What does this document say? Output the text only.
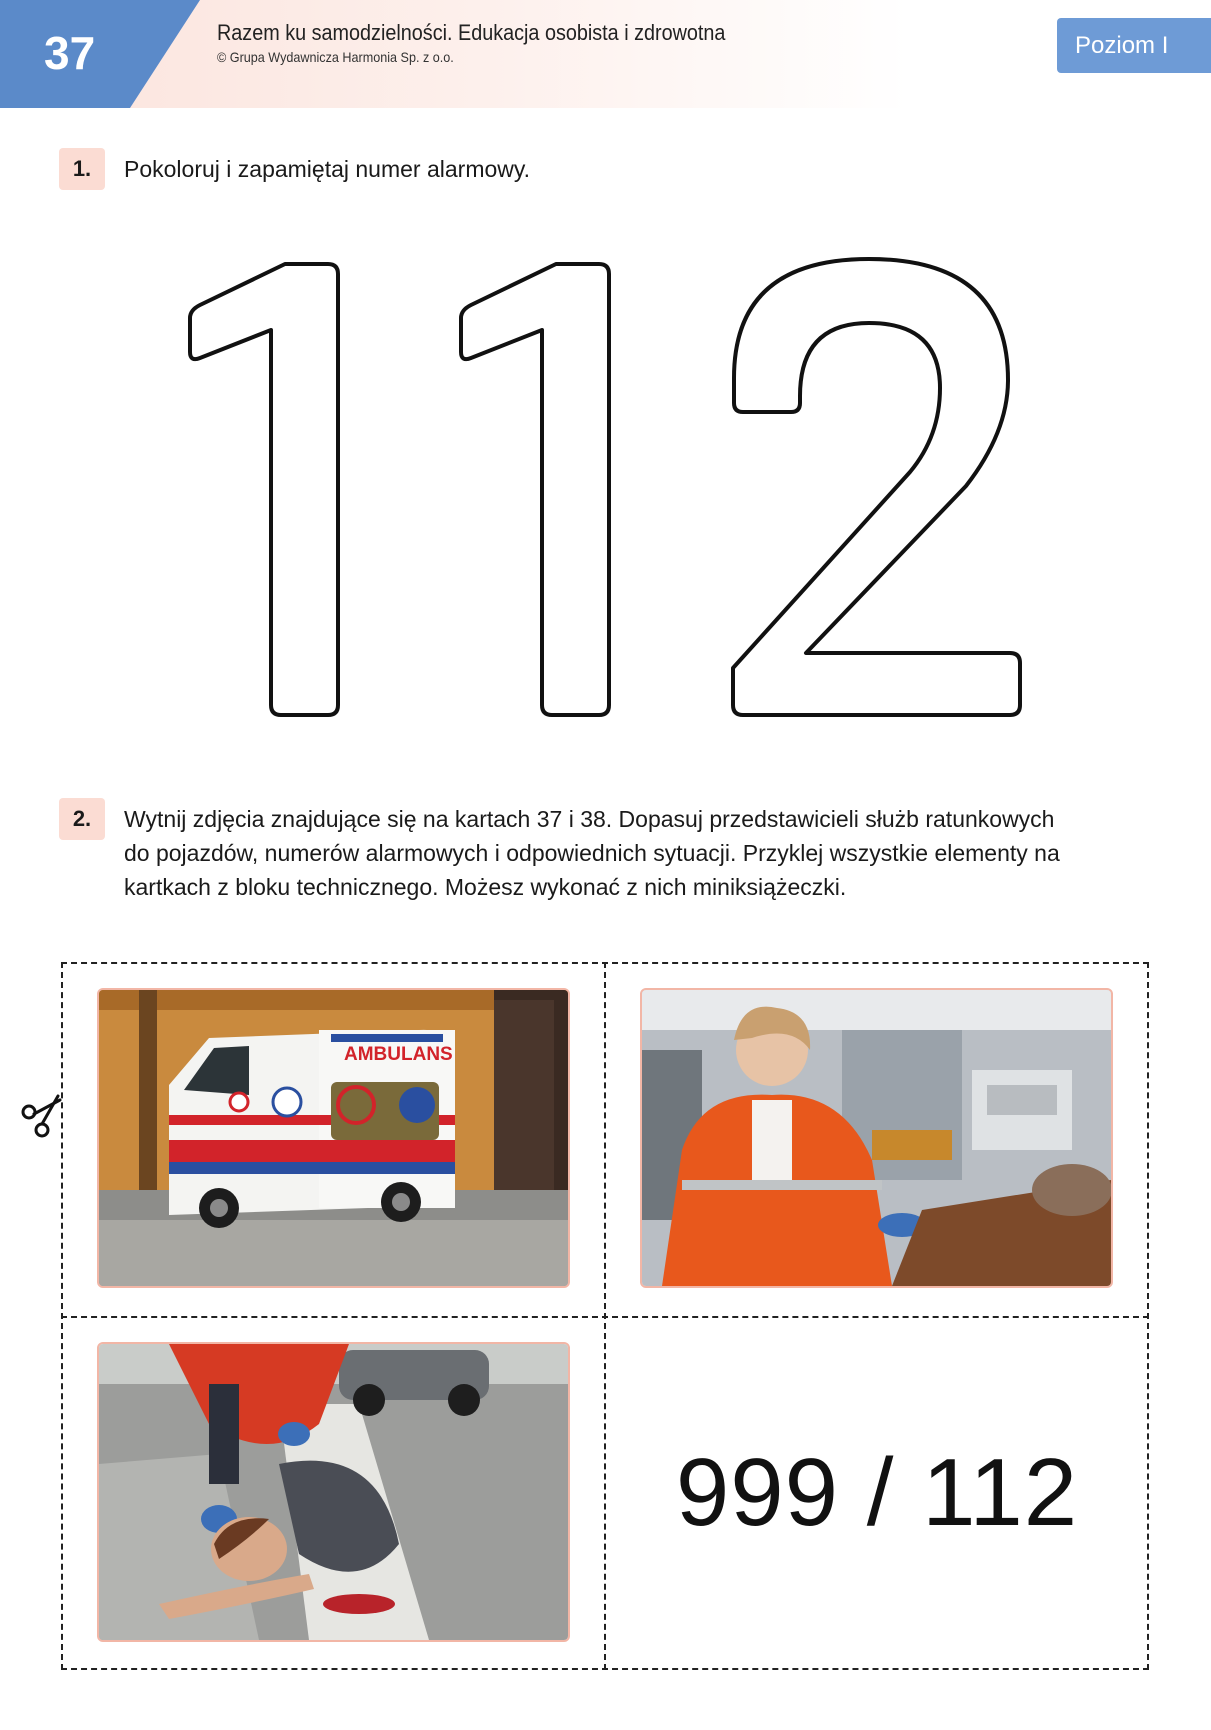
37	Razem ku samodzielności. Edukacja osobista i zdrowotna
© Grupa Wydawnicza Harmonia Sp. z o.o.	Poziom I
1.	Pokoloruj i zapamiętaj numer alarmowy.
2.	Wytnij zdjęcia znajdujące się na kartach 37 i 38. Dopasuj przedstawicieli służb ratunkowych
do pojazdów, numerów alarmowych i odpowiednich sytuacji. Przyklej wszystkie elementy na
kartkach z bloku technicznego. Możesz wykonać z nich miniksiążeczki.
AMBULANS
999 / 112
